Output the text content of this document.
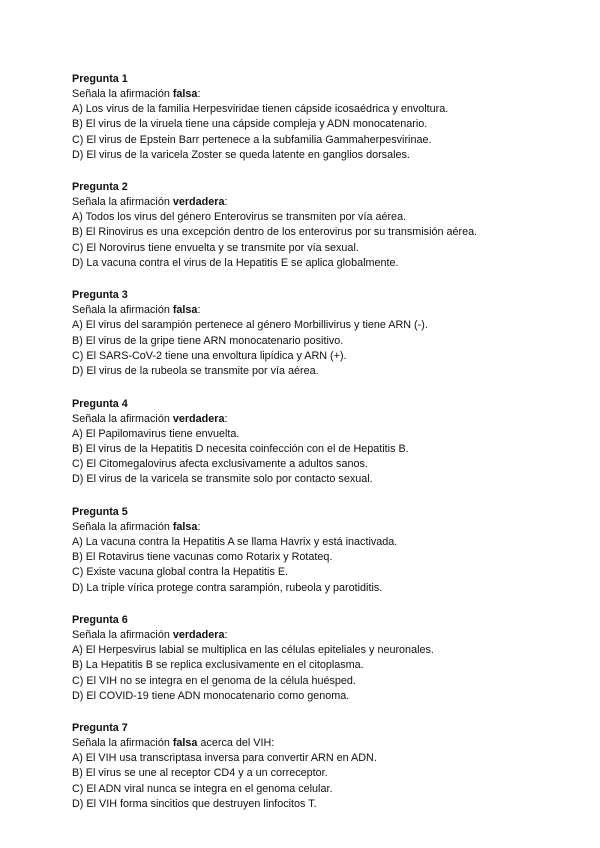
Pregunta 1
Señala la afirmación falsa:
A) Los virus de la familia Herpesviridae tienen cápside icosaédrica y envoltura.
B) El virus de la viruela tiene una cápside compleja y ADN monocatenario.
C) El virus de Epstein Barr pertenece a la subfamilia Gammaherpesvirinae.
D) El virus de la varicela Zoster se queda latente en ganglios dorsales.
Pregunta 2
Señala la afirmación verdadera:
A) Todos los virus del género Enterovirus se transmiten por vía aérea.
B) El Rinovirus es una excepción dentro de los enterovirus por su transmisión aérea.
C) El Norovirus tiene envuelta y se transmite por vía sexual.
D) La vacuna contra el virus de la Hepatitis E se aplica globalmente.
Pregunta 3
Señala la afirmación falsa:
A) El virus del sarampión pertenece al género Morbillivirus y tiene ARN (-).
B) El virus de la gripe tiene ARN monocatenario positivo.
C) El SARS-CoV-2 tiene una envoltura lipídica y ARN (+).
D) El virus de la rubeola se transmite por vía aérea.
Pregunta 4
Señala la afirmación verdadera:
A) El Papilomavirus tiene envuelta.
B) El virus de la Hepatitis D necesita coinfección con el de Hepatitis B.
C) El Citomegalovirus afecta exclusivamente a adultos sanos.
D) El virus de la varicela se transmite solo por contacto sexual.
Pregunta 5
Señala la afirmación falsa:
A) La vacuna contra la Hepatitis A se llama Havrix y está inactivada.
B) El Rotavirus tiene vacunas como Rotarix y Rotateq.
C) Existe vacuna global contra la Hepatitis E.
D) La triple vírica protege contra sarampión, rubeola y parotiditis.
Pregunta 6
Señala la afirmación verdadera:
A) El Herpesvirus labial se multiplica en las células epiteliales y neuronales.
B) La Hepatitis B se replica exclusivamente en el citoplasma.
C) El VIH no se integra en el genoma de la célula huésped.
D) El COVID-19 tiene ADN monocatenario como genoma.
Pregunta 7
Señala la afirmación falsa acerca del VIH:
A) El VIH usa transcriptasa inversa para convertir ARN en ADN.
B) El virus se une al receptor CD4 y a un correceptor.
C) El ADN viral nunca se integra en el genoma celular.
D) El VIH forma sincitios que destruyen linfocitos T.
